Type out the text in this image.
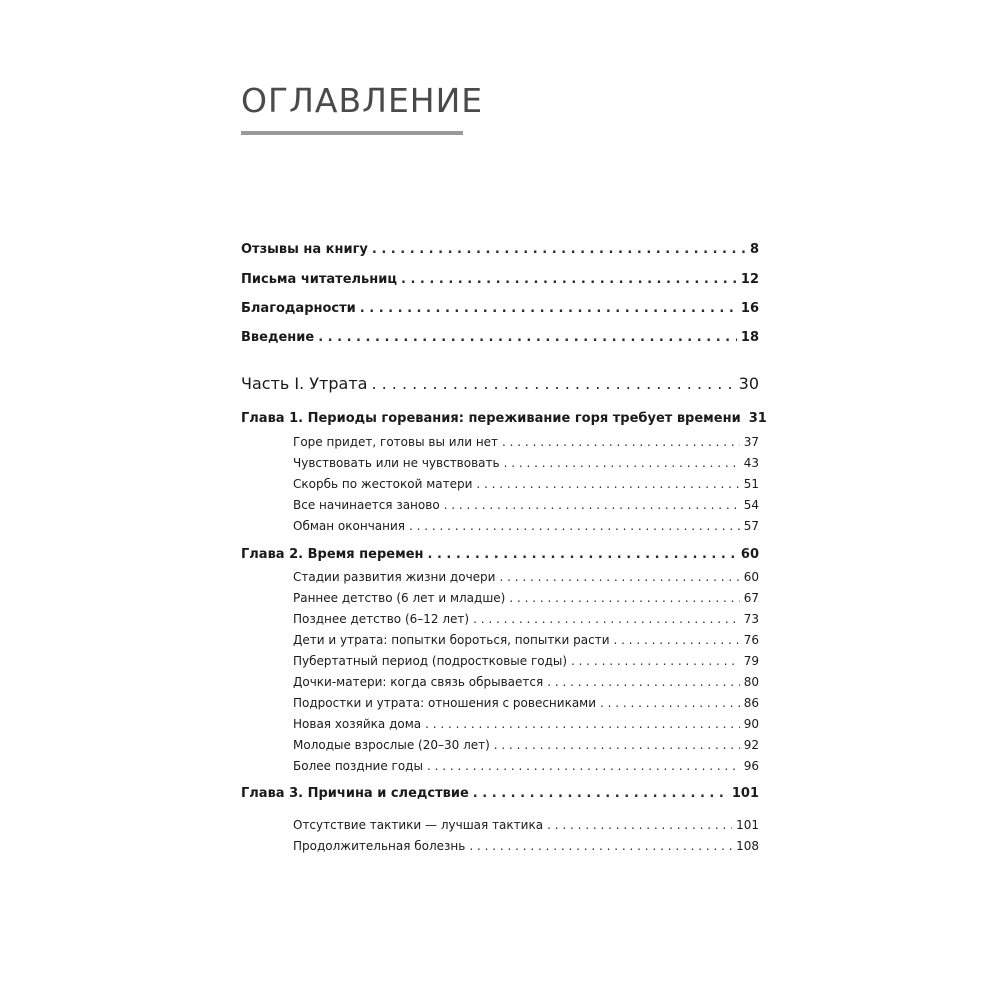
ОГЛАВЛЕНИЕ
Отзывы на книгу . . .	8
Письма читательниц . . .	12
Благодарности . . .	16
Введение . . .	18
Часть I. Утрата . . .	30
Глава 1. Периоды горевания: переживание горя требует времени 31
Горе придет, готовы вы или нет . . .	37
Чувствовать или не чувствовать . . .	43
Скорбь по жестокой матери . . .	51
Все начинается заново . . .	54
Обман окончания . . .	57
Глава 2. Время перемен . . .	60
Стадии развития жизни дочери . . .	60
Раннее детство (6 лет и младше) . . .	67
Позднее детство (6–12 лет) . . .	73
Дети и утрата: попытки бороться, попытки расти . . .	76
Пубертатный период (подростковые годы) . . .	79
Дочки-матери: когда связь обрывается . . .	80
Подростки и утрата: отношения с ровесниками . . .	86
Новая хозяйка дома . . .	90
Молодые взрослые (20–30 лет) . . .	92
Более поздние годы . . .	96
Глава 3. Причина и следствие . . .	101
Отсутствие тактики — лучшая тактика . . .	101
Продолжительная болезнь . . .	108
